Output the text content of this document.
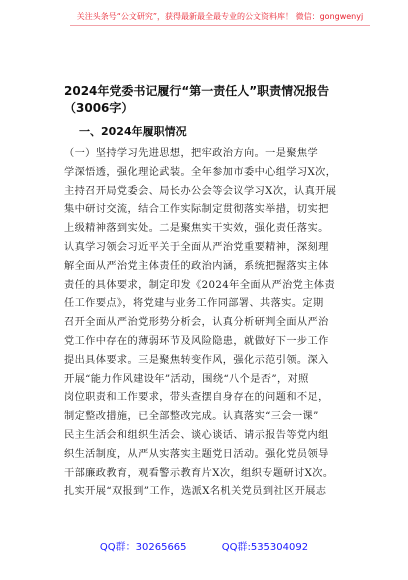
关注头条号“公文研究”，获得最新最全最专业的公文资料库！ 微信：gongwenyj
2024年党委书记履行“第一责任人”职责情况报告（3006字）
一、2024年履职情况
（一）坚持学习先进思想，把牢政治方向。一是聚焦学
学深悟透，强化理论武装。全年参加市委中心组学习X次，
主持召开局党委会、局长办公会等会议学习X次，认真开展
集中研讨交流，结合工作实际制定贯彻落实举措，切实把
上级精神落到实处。二是聚焦实干实效，强化责任落实。
认真学习领会习近平关于全面从严治党重要精神，深刻理
解全面从严治党主体责任的政治内涵，系统把握落实主体
责任的具体要求，制定印发《2024年全面从严治党主体责
任工作要点》，将党建与业务工作同部署、共落实。定期
召开全面从严治党形势分析会，认真分析研判全面从严治
党工作中存在的薄弱环节及风险隐患，就做好下一步工作
提出具体要求。三是聚焦转变作风，强化示范引领。深入
开展“能力作风建设年”活动，围绕“八个是否”，对照
岗位职责和工作要求，带头查摆自身存在的问题和不足，
制定整改措施，已全部整改完成。认真落实“三会一课”
民主生活会和组织生活会、谈心谈话、请示报告等党内组
织生活制度，从严从实落实主题党日活动。强化党员领导
干部廉政教育，观看警示教育片X次，组织专题研讨X次。
扎实开展“双报到”工作，选派X名机关党员到社区开展志
QQ群：30265665	QQ群:535304092
